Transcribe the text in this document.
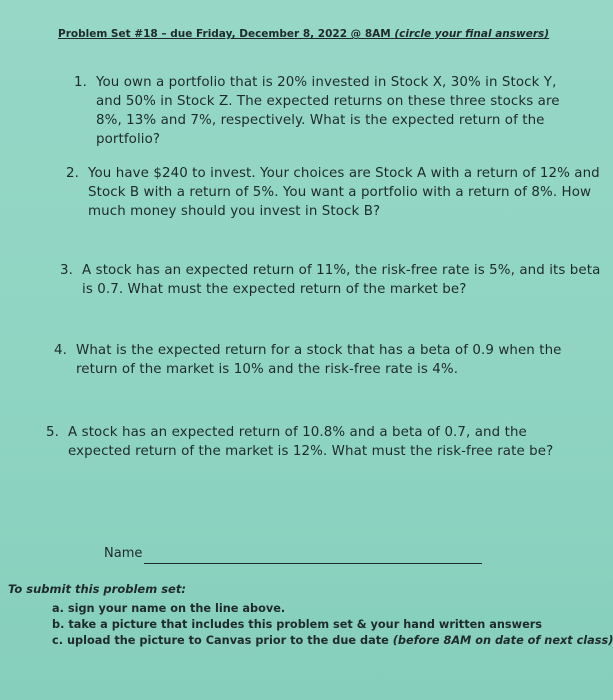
Problem Set #18 – due Friday, December 8, 2022 @ 8AM (circle your final answers)
1. You own a portfolio that is 20% invested in Stock X, 30% in Stock Y, and 50% in Stock Z. The expected returns on these three stocks are 8%, 13% and 7%, respectively. What is the expected return of the portfolio?
2. You have $240 to invest. Your choices are Stock A with a return of 12% and Stock B with a return of 5%. You want a portfolio with a return of 8%. How much money should you invest in Stock B?
3. A stock has an expected return of 11%, the risk-free rate is 5%, and its beta is 0.7. What must the expected return of the market be?
4. What is the expected return for a stock that has a beta of 0.9 when the return of the market is 10% and the risk-free rate is 4%.
5. A stock has an expected return of 10.8% and a beta of 0.7, and the expected return of the market is 12%. What must the risk-free rate be?
Name
To submit this problem set:
a. sign your name on the line above.
b. take a picture that includes this problem set & your hand written answers
c. upload the picture to Canvas prior to the due date (before 8AM on date of next class)
